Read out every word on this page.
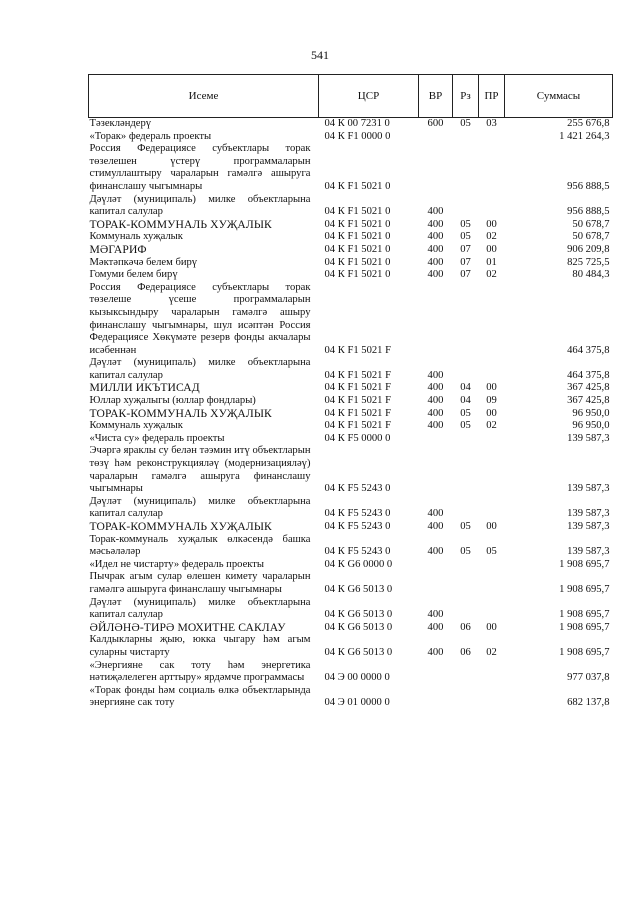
541
Исеме	ЦСР	ВР	Рз	ПР	Суммасы
Тәзекләндерү	04 К 00 7231 0	600	05	03	255 676,8
«Торак» федераль проекты	04 К F1 0000 0				1 421 264,3
Россия Федерациясе субъектлары торак төзелешен үстерү программаларын стимуллаштыру чараларын гамәлгә ашыруга финанслашу чыгымнары	04 К F1 5021 0				956 888,5
Дәүләт (муниципаль) милке объектларына капитал салулар	04 К F1 5021 0	400			956 888,5
ТОРАК-КОММУНАЛЬ ХУҖАЛЫК	04 К F1 5021 0	400	05	00	50 678,7
Коммуналь хуҗалык	04 К F1 5021 0	400	05	02	50 678,7
МӘГАРИФ	04 К F1 5021 0	400	07	00	906 209,8
Мәктәпкәчә белем бирү	04 К F1 5021 0	400	07	01	825 725,5
Гомуми белем бирү	04 К F1 5021 0	400	07	02	80 484,3
Россия Федерациясе субъектлары торак төзелеше үсеше программаларын кызыксындыру чараларын гамәлгә ашыру финанслашу чыгымнары, шул исәптән Россия Федерациясе Хөкүмәте резерв фонды акчалары исәбеннән	04 К F1 5021 F				464 375,8
Дәүләт (муниципаль) милке объектларына капитал салулар	04 К F1 5021 F	400			464 375,8
МИЛЛИ ИКЪТИСАД	04 К F1 5021 F	400	04	00	367 425,8
Юллар хуҗалыгы (юллар фондлары)	04 К F1 5021 F	400	04	09	367 425,8
ТОРАК-КОММУНАЛЬ ХУҖАЛЫК	04 К F1 5021 F	400	05	00	96 950,0
Коммуналь хуҗалык	04 К F1 5021 F	400	05	02	96 950,0
«Чиста су» федераль проекты	04 К F5 0000 0				139 587,3
Эчәргә яраклы су белән тәэмин итү объектларын төзү һәм реконструкцияләү (модернизацияләү) чараларын гамәлгә ашыруга финанслашу чыгымнары	04 К F5 5243 0				139 587,3
Дәүләт (муниципаль) милке объектларына капитал салулар	04 К F5 5243 0	400			139 587,3
ТОРАК-КОММУНАЛЬ ХУҖАЛЫК	04 К F5 5243 0	400	05	00	139 587,3
Торак-коммуналь хуҗалык өлкәсендә башка мәсьәләләр	04 К F5 5243 0	400	05	05	139 587,3
«Идел не чистарту» федераль проекты	04 К G6 0000 0				1 908 695,7
Пычрак агым сулар өлешен кимету чараларын гамәлгә ашыруга финанслашу чыгымнары	04 К G6 5013 0				1 908 695,7
Дәүләт (муниципаль) милке объектларына капитал салулар	04 К G6 5013 0	400			1 908 695,7
ӘЙЛӘНӘ-ТИРӘ МОХИТНЕ САКЛАУ	04 К G6 5013 0	400	06	00	1 908 695,7
Калдыкларны җыю, юкка чыгару һәм агым суларны чистарту	04 К G6 5013 0	400	06	02	1 908 695,7
«Энергияне сак тоту һәм энергетика нәтиҗәлелеген арттыру» ярдәмче программасы	04 Э 00 0000 0				977 037,8
«Торак фонды һәм социаль өлкә объектларында энергияне сак тоту	04 Э 01 0000 0				682 137,8
